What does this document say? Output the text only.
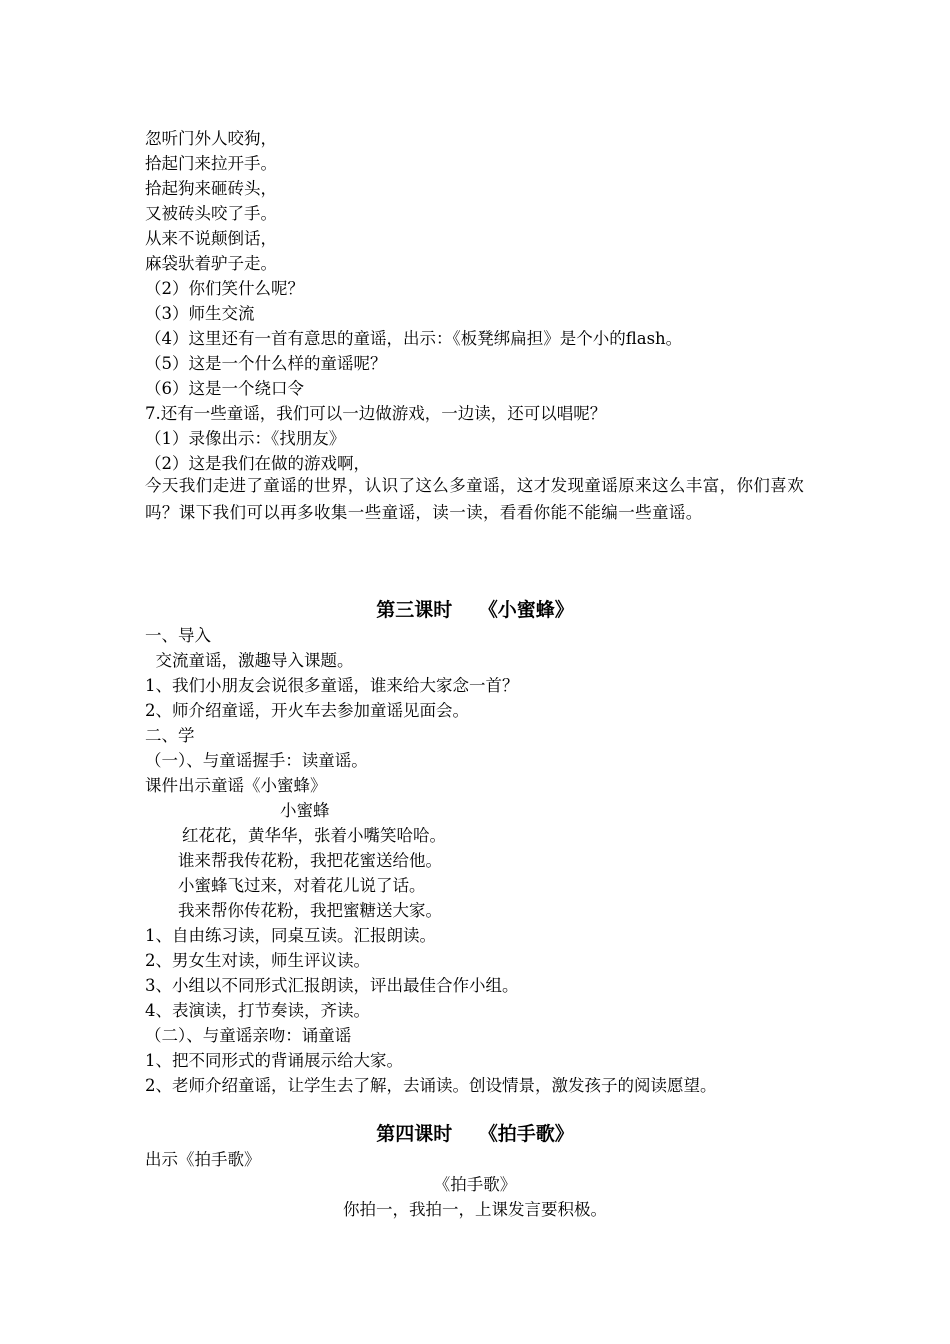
忽听门外人咬狗，
拾起门来拉开手。
拾起狗来砸砖头，
又被砖头咬了手。
从来不说颠倒话，
麻袋驮着驴子走。
（2）你们笑什么呢？
（3）师生交流
（4）这里还有一首有意思的童谣，出示：《板凳绑扁担》是个小的flash。
（5）这是一个什么样的童谣呢？
（6）这是一个绕口令
7.还有一些童谣，我们可以一边做游戏，一边读，还可以唱呢？
（1）录像出示：《找朋友》
（2）这是我们在做的游戏啊，
今天我们走进了童谣的世界，认识了这么多童谣，这才发现童谣原来这么丰富，你们喜欢吗？课下我们可以再多收集一些童谣，读一读，看看你能不能编一些童谣。
第三课时    《小蜜蜂》
一、导入
交流童谣，激趣导入课题。
1、我们小朋友会说很多童谣，谁来给大家念一首？
2、师介绍童谣，开火车去参加童谣见面会。
二、学
（一）、与童谣握手：读童谣。
课件出示童谣《小蜜蜂》
小蜜蜂
红花花，黄华华，张着小嘴笑哈哈。
谁来帮我传花粉，我把花蜜送给他。
小蜜蜂飞过来，对着花儿说了话。
我来帮你传花粉，我把蜜糖送大家。
1、自由练习读，同桌互读。汇报朗读。
2、男女生对读，师生评议读。
3、小组以不同形式汇报朗读，评出最佳合作小组。
4、表演读，打节奏读，齐读。
（二）、与童谣亲吻：诵童谣
1、把不同形式的背诵展示给大家。
2、老师介绍童谣，让学生去了解，去诵读。创设情景，激发孩子的阅读愿望。
第四课时    《拍手歌》
出示《拍手歌》
《拍手歌》
你拍一，我拍一，上课发言要积极。
